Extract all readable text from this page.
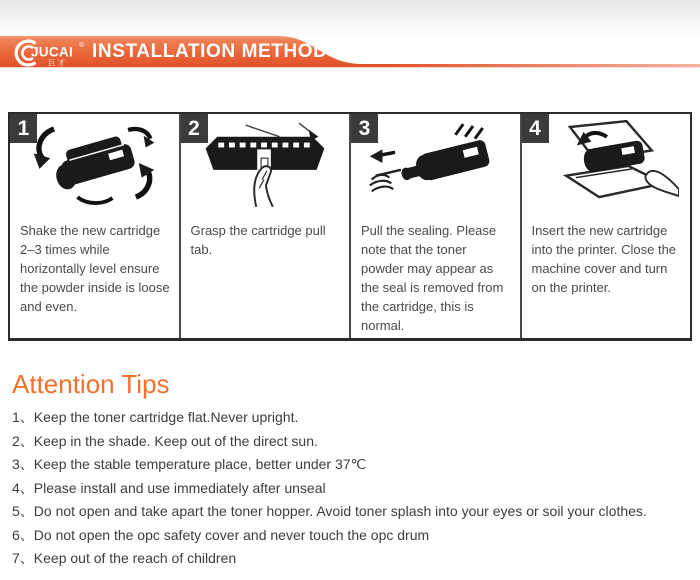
JUCAI
巨才
® INSTALLATION METHOD
1
Shake the new cartridge 2–3 times while horizontally level ensure the powder inside is loose and even.
2
Grasp the cartridge pull tab.
3
Pull the sealing. Please note that the toner powder may appear as the seal is removed from the cartridge, this is normal.
4
Insert the new cartridge into the printer. Close the machine cover and turn on the printer.
Attention Tips
1、Keep the toner cartridge flat.Never upright.
2、Keep in the shade. Keep out of the direct sun.
3、Keep the stable temperature place, better under 37℃
4、Please install and use immediately after unseal
5、Do not open and take apart the toner hopper. Avoid toner splash into your eyes or soil your clothes.
6、Do not open the opc safety cover and never touch the opc drum
7、Keep out of the reach of children
